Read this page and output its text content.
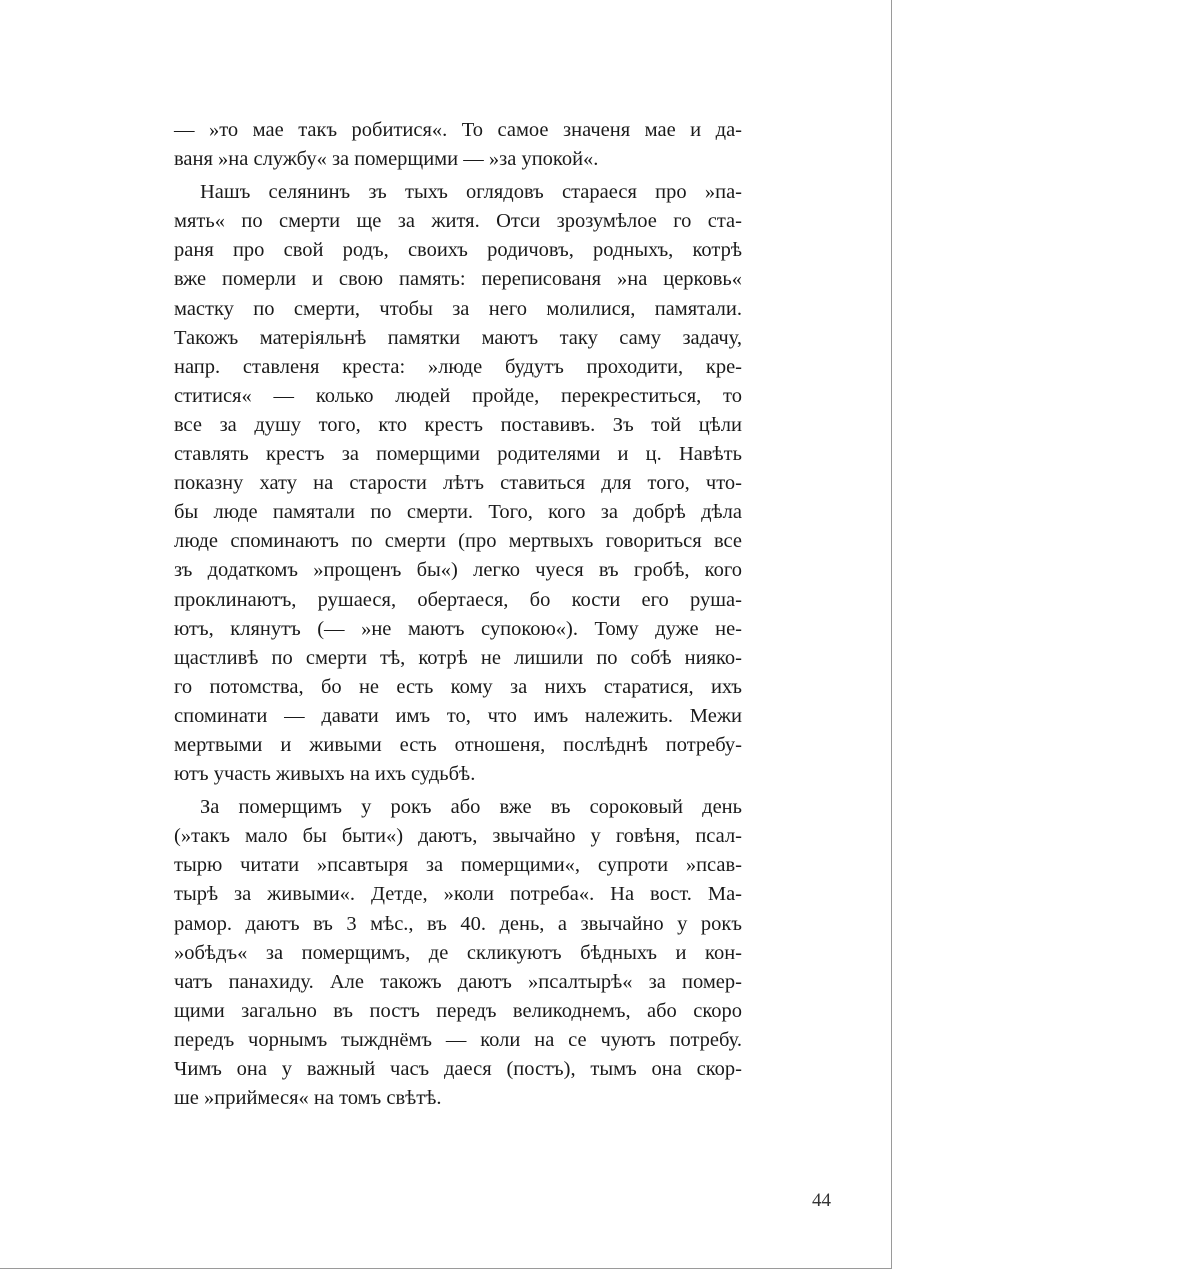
— »то мае такъ робитися«. То самое значеня мае и да-
ваня »на службу« за померщими — »за упокой«.
Нашъ селянинъ зъ тыхъ оглядовъ стараеся про »па-
мять« по смерти ще за житя. Отси зрозумѣлое го ста-
раня про свой родъ, своихъ родичовъ, родныхъ, котрѣ
вже померли и свою память: переписованя »на церковь«
мастку по смерти, чтобы за него молилися, памятали.
Такожъ матеріяльнѣ памятки маютъ таку саму задачу,
напр. ставленя креста: »люде будутъ проходити, кре-
ститися« — колько людей пройде, перекреститься, то
все за душу того, кто крестъ поставивъ. Зъ той цѣли
ставлять крестъ за померщими родителями и ц. Навѣть
показну хату на старости лѣтъ ставиться для того, что-
бы люде памятали по смерти. Того, кого за добрѣ дѣла
люде споминаютъ по смерти (про мертвыхъ говориться все
зъ додаткомъ »прощенъ бы«) легко чуеся въ гробѣ, кого
проклинаютъ, рушаеся, обертаеся, бо кости его руша-
ютъ, клянутъ (— »не маютъ супокою«). Тому дуже не-
щастливѣ по смерти тѣ, котрѣ не лишили по собѣ нияко-
го потомства, бо не есть кому за нихъ старатися, ихъ
споминати — давати имъ то, что имъ належить. Межи
мертвыми и живыми есть отношеня, послѣднѣ потребу-
ютъ участь живыхъ на ихъ судьбѣ.
За померщимъ у рокъ або вже въ сороковый день
(»такъ мало бы быти«) даютъ, звычайно у говѣня, псал-
тырю читати »псавтыря за померщими«, супроти »псав-
тырѣ за живыми«. Детде, »коли потреба«. На вост. Ма-
рамор. даютъ въ 3 мѣс., въ 40. день, а звычайно у рокъ
»обѣдъ« за померщимъ, де скликуютъ бѣдныхъ и кон-
чатъ панахиду. Але такожъ даютъ »псалтырѣ« за помер-
щими загально въ постъ передъ великоднемъ, або скоро
передъ чорнымъ тыжднёмъ — коли на се чуютъ потребу.
Чимъ она у важный часъ даеся (постъ), тымъ она скор-
ше »приймеся« на томъ свѣтѣ.
44
